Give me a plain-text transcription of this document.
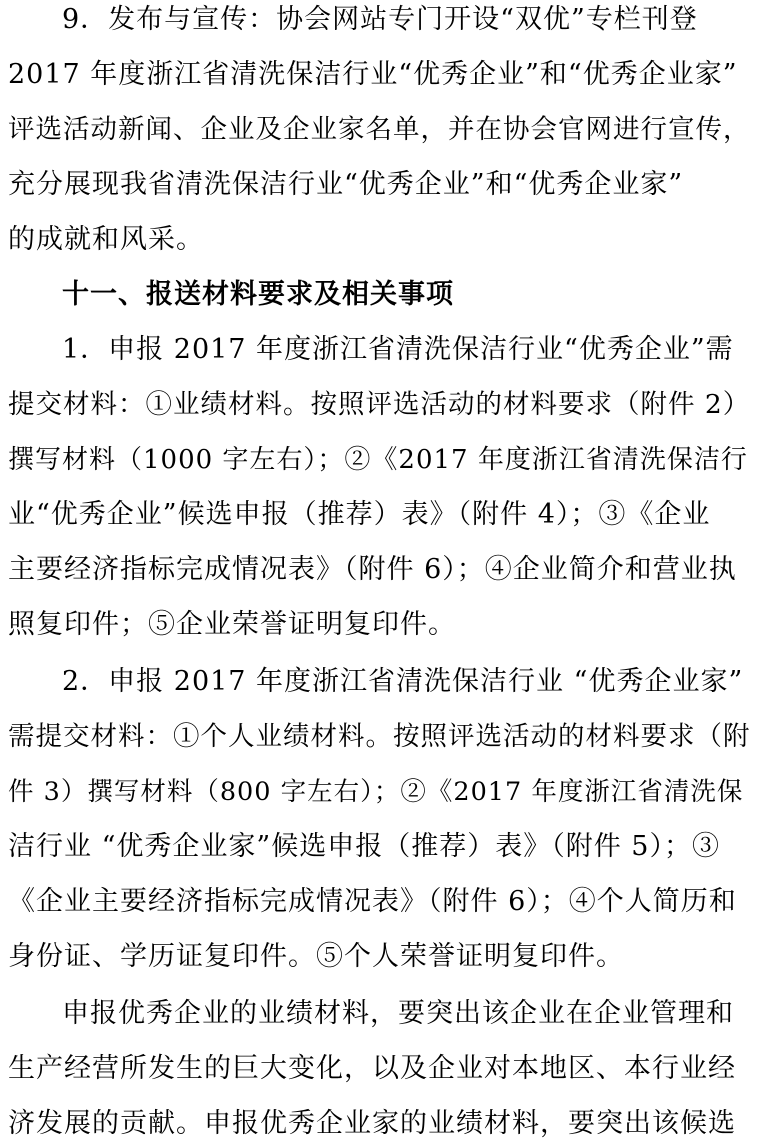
9．发布与宣传：协会网站专门开设“双优”专栏刊登
2017 年度浙江省清洗保洁行业“优秀企业”和“优秀企业家”
评选活动新闻、企业及企业家名单，并在协会官网进行宣传，
充分展现我省清洗保洁行业“优秀企业”和“优秀企业家”
的成就和风采。
十一、报送材料要求及相关事项
1．申报 2017 年度浙江省清洗保洁行业“优秀企业”需
提交材料：①业绩材料。按照评选活动的材料要求（附件 2）
撰写材料（1000 字左右）；②《2017 年度浙江省清洗保洁行
业“优秀企业”候选申报（推荐）表》（附件 4）；③《企业
主要经济指标完成情况表》（附件 6）；④企业简介和营业执
照复印件；⑤企业荣誉证明复印件。
2．申报 2017 年度浙江省清洗保洁行业 “优秀企业家”
需提交材料：①个人业绩材料。按照评选活动的材料要求（附
件 3）撰写材料（800 字左右）；②《2017 年度浙江省清洗保
洁行业 “优秀企业家”候选申报（推荐）表》（附件 5）；③
《企业主要经济指标完成情况表》（附件 6）；④个人简历和
身份证、学历证复印件。⑤个人荣誉证明复印件。
申报优秀企业的业绩材料，要突出该企业在企业管理和
生产经营所发生的巨大变化，以及企业对本地区、本行业经
济发展的贡献。申报优秀企业家的业绩材料，要突出该候选
